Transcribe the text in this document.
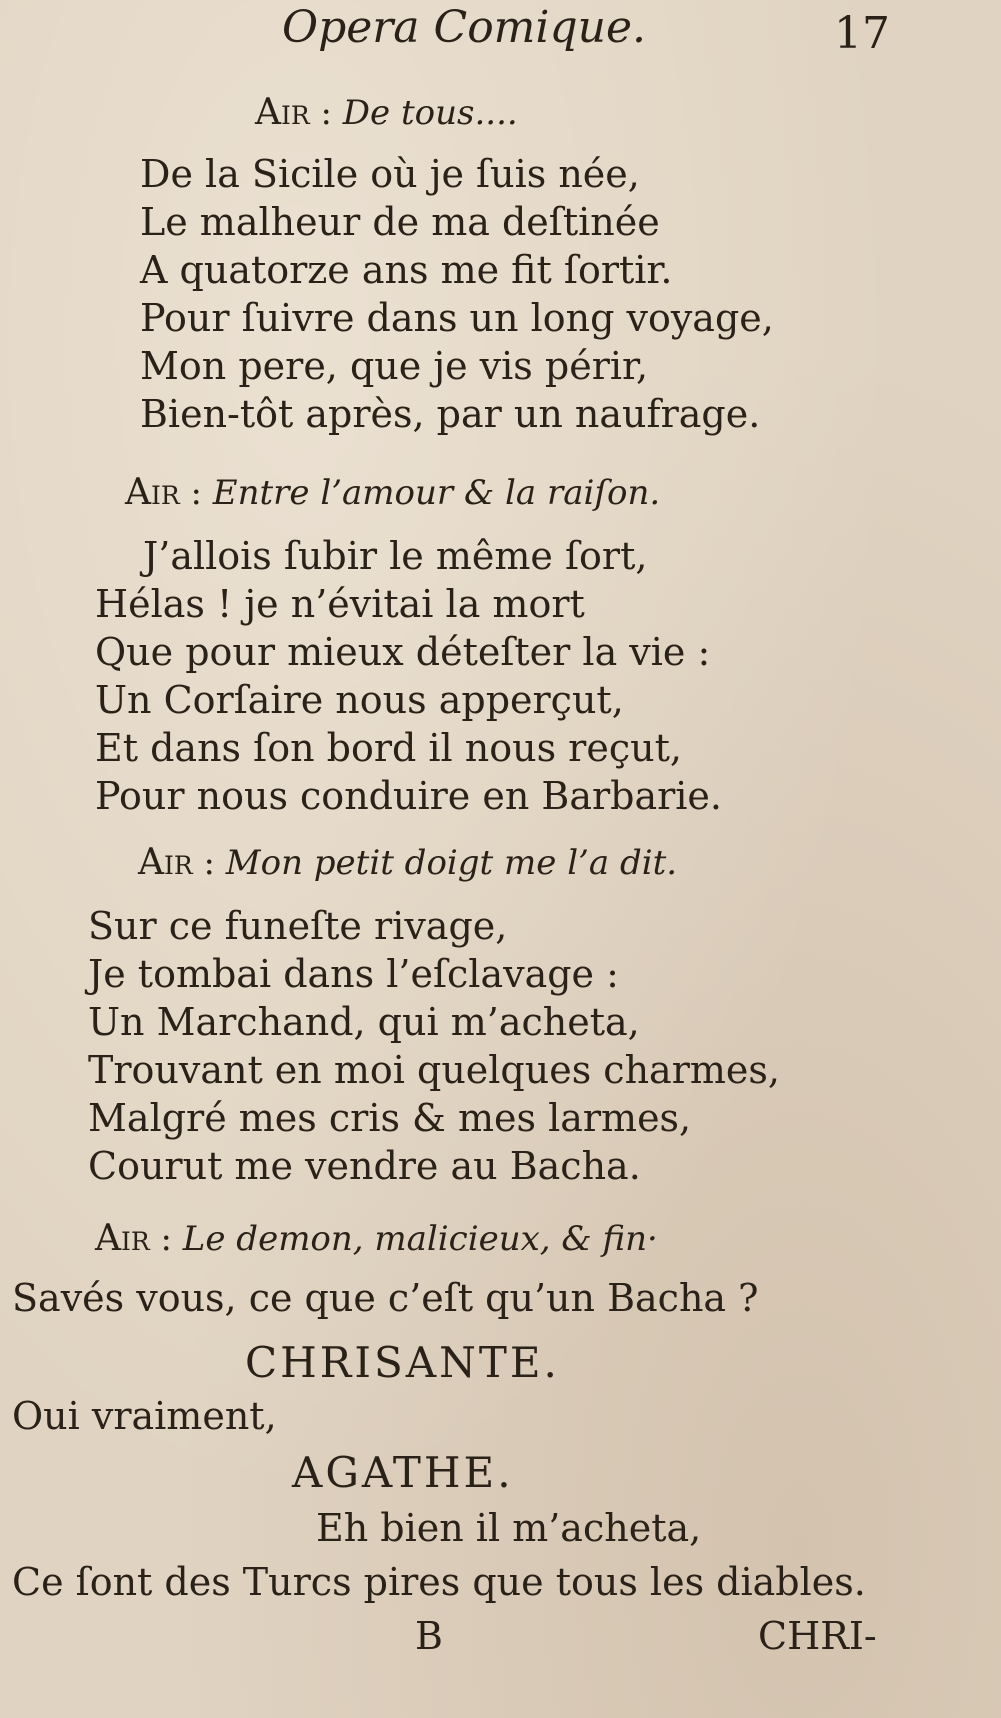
Opera Comique.	17
Air : De tous....
De la Sicile où je ſuis née,
Le malheur de ma deſtinée
A quatorze ans me fit ſortir.
Pour ſuivre dans un long voyage,
Mon pere, que je vis périr,
Bien-tôt après, par un naufrage.
Air : Entre l’amour & la raiſon.
J’allois ſubir le même ſort,
Hélas ! je n’évitai la mort
Que pour mieux déteſter la vie :
Un Corſaire nous apperçut,
Et dans ſon bord il nous reçut,
Pour nous conduire en Barbarie.
Air : Mon petit doigt me l’a dit.
Sur ce funeſte rivage,
Je tombai dans l’eſclavage :
Un Marchand, qui m’acheta,
Trouvant en moi quelques charmes,
Malgré mes cris & mes larmes,
Courut me vendre au Bacha.
Air : Le demon, malicieux, & fin·
Savés vous, ce que c’eſt qu’un Bacha ?
CHRISANTE.
Oui vraiment,
AGATHE.
Eh bien il m’acheta,
Ce ſont des Turcs pires que tous les diables.
B	CHRI-
